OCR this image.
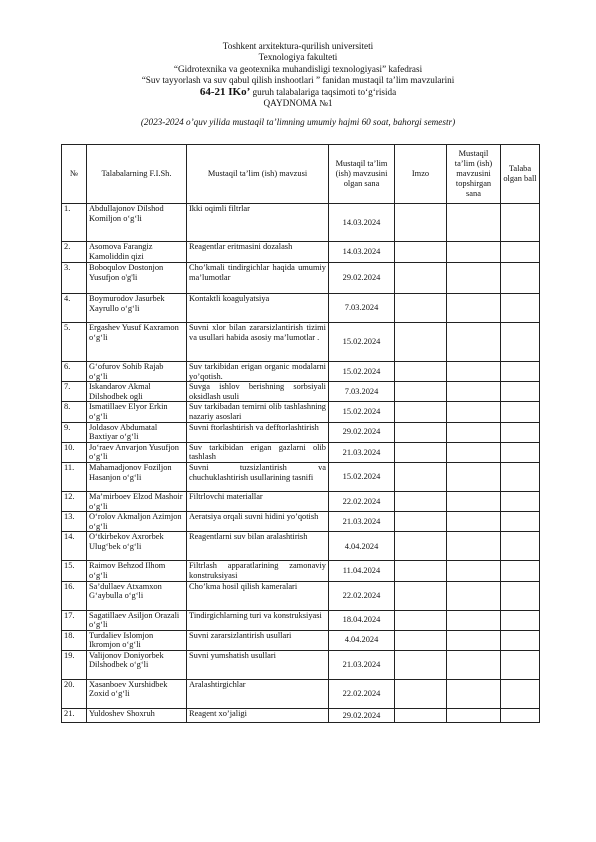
Toshkent arxitektura-qurilish universiteti
Texnologiya fakulteti
“Gidrotexnika va geotexnika muhandisligi texnologiyasi” kafedrasi
“Suv tayyorlash va suv qabul qilish inshootlari ” fanidan mustaqil ta’lim mavzularini
64-21 IKo’ guruh talabalariga taqsimoti to‘g‘risida
QAYDNOMA №1
(2023-2024 o’quv yilida mustaqil ta’limning umumiy hajmi 60 soat, bahorgi semestr)
№	Talabalarning F.I.Sh.	Mustaqil ta’lim (ish) mavzusi	Mustaqil ta’lim (ish) mavzusini olgan sana	Imzo	Mustaqil ta’lim (ish) mavzusini topshirgan sana	Talaba olgan ball
1.	Abdullajonov Dilshod Komiljon o‘g‘li	Ikki oqimli filtrlar	14.03.2024			
2.	Asomova Farangiz Kamoliddin qizi	Reagentlar eritmasini dozalash	14.03.2024			
3.	Boboqulov Dostonjon Yusufjon o'g'li	Cho’kmali tindirgichlar haqida umumiy ma’lumotlar	29.02.2024			
4.	Boymurodov Jasurbek Xayrullo o‘g‘li	Kontaktli koagulyatsiya	7.03.2024			
5.	Ergashev Yusuf Kaxramon o‘g‘li	Suvni xlor bilan zararsizlantirish tizimi va usullari habida asosiy ma’lumotlar .	15.02.2024			
6.	G‘ofurov Sohib Rajab o‘g‘li	Suv tarkibidan erigan organic modalarni yo’qotish.	15.02.2024			
7.	Iskandarov Akmal Dilshodbek ogli	Suvga ishlov berishning sorbsiyali oksidlash usuli	7.03.2024			
8.	Ismatillaev Elyor Erkin o‘g‘li	Suv tarkibadan temirni olib tashlashning nazariy asoslari	15.02.2024			
9.	Joldasov Abdumatal Baxtiyar o‘g‘li	Suvni ftorlashtirish va defftorlashtirish	29.02.2024			
10.	Jo‘raev Anvarjon Yusufjon o‘g‘li	Suv tarkibidan erigan gazlarni olib tashlash	21.03.2024			
11.	Mahamadjonov Foziljon Hasanjon o‘g‘li	Suvni tuzsizlantirish va chuchuklashtirish usullarining tasnifi	15.02.2024			
12.	Ma’mirboev Elzod Mashoir o‘g‘li	Filtrlovchi materiallar	22.02.2024			
13.	O‘rolov Akmaljon Azimjon o‘g‘li	Aeratsiya orqali suvni hidini yo’qotish	21.03.2024			
14.	O‘tkirbekov Axrorbek Ulug‘bek o‘g‘li	Reagentlarni suv bilan aralashtirish	4.04.2024			
15.	Raimov Behzod Ilhom o‘g‘li	Filtrlash apparatlarining zamonaviy konstruksiyasi	11.04.2024			
16.	Sa’dullaev Atxamxon G‘aybulla o‘g‘li	Cho’kma hosil qilish kameralari	22.02.2024			
17.	Sagatillaev Asiljon Orazali o‘g‘li	Tindirgichlarning turi va konstruksiyasi	18.04.2024			
18.	Turdaliev Islomjon Ikromjon o‘g‘li	Suvni zararsizlantirish usullari	4.04.2024			
19.	Valijonov Doniyorbek Dilshodbek o‘g‘li	Suvni yumshatish usullari	21.03.2024			
20.	Xasanboev Xurshidbek Zoxid o‘g‘li	Aralashtirgichlar	22.02.2024			
21.	Yuldoshev Shoxruh	Reagent xo’jaligi	29.02.2024			
